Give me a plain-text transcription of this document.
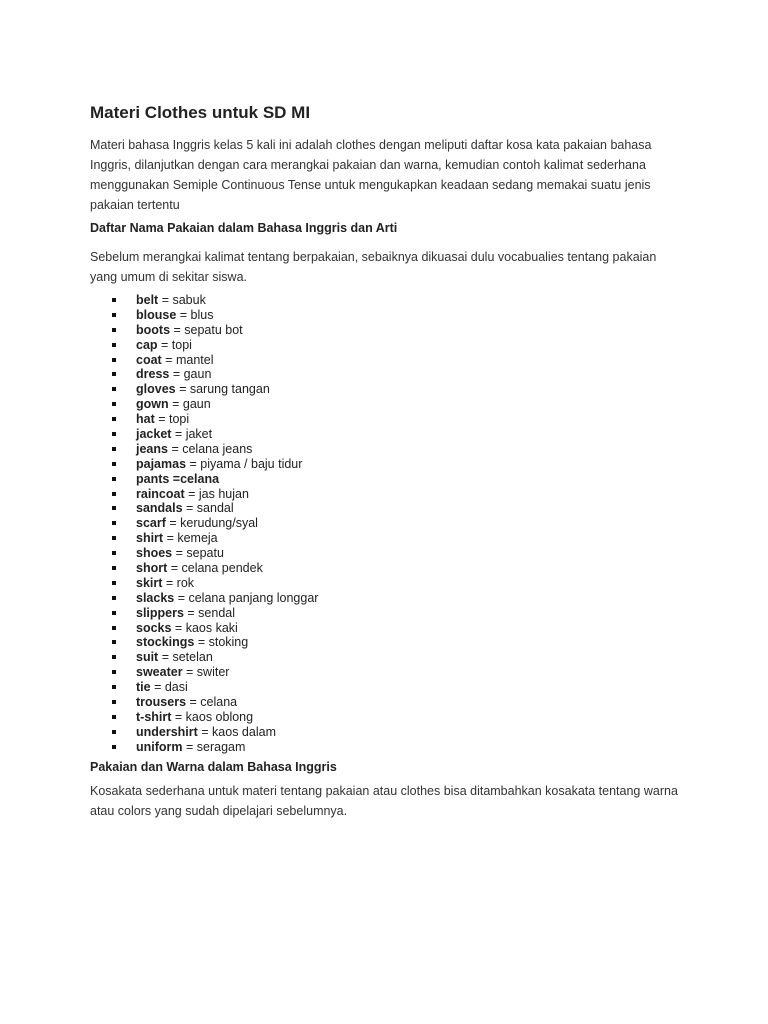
Materi Clothes untuk SD MI

Materi bahasa Inggris kelas 5 kali ini adalah clothes dengan meliputi daftar kosa kata pakaian bahasa Inggris, dilanjutkan dengan cara merangkai pakaian dan warna, kemudian contoh kalimat sederhana menggunakan Semiple Continuous Tense untuk mengukapkan keadaan sedang memakai suatu jenis pakaian tertentu

Daftar Nama Pakaian dalam Bahasa Inggris dan Arti

Sebelum merangkai kalimat tentang berpakaian, sebaiknya dikuasai dulu vocabualies tentang pakaian yang umum di sekitar siswa.

belt = sabuk
blouse = blus
boots = sepatu bot
cap = topi
coat = mantel
dress = gaun
gloves = sarung tangan
gown = gaun
hat = topi
jacket = jaket
jeans = celana jeans
pajamas = piyama / baju tidur
pants =celana
raincoat = jas hujan
sandals = sandal
scarf = kerudung/syal
shirt = kemeja
shoes = sepatu
short = celana pendek
skirt = rok
slacks = celana panjang longgar
slippers = sendal
socks = kaos kaki
stockings = stoking
suit = setelan
sweater = switer
tie = dasi
trousers = celana
t-shirt = kaos oblong
undershirt = kaos dalam
uniform = seragam
Pakaian dan Warna dalam Bahasa Inggris

Kosakata sederhana untuk materi tentang pakaian atau clothes bisa ditambahkan kosakata tentang warna atau colors yang sudah dipelajari sebelumnya.
